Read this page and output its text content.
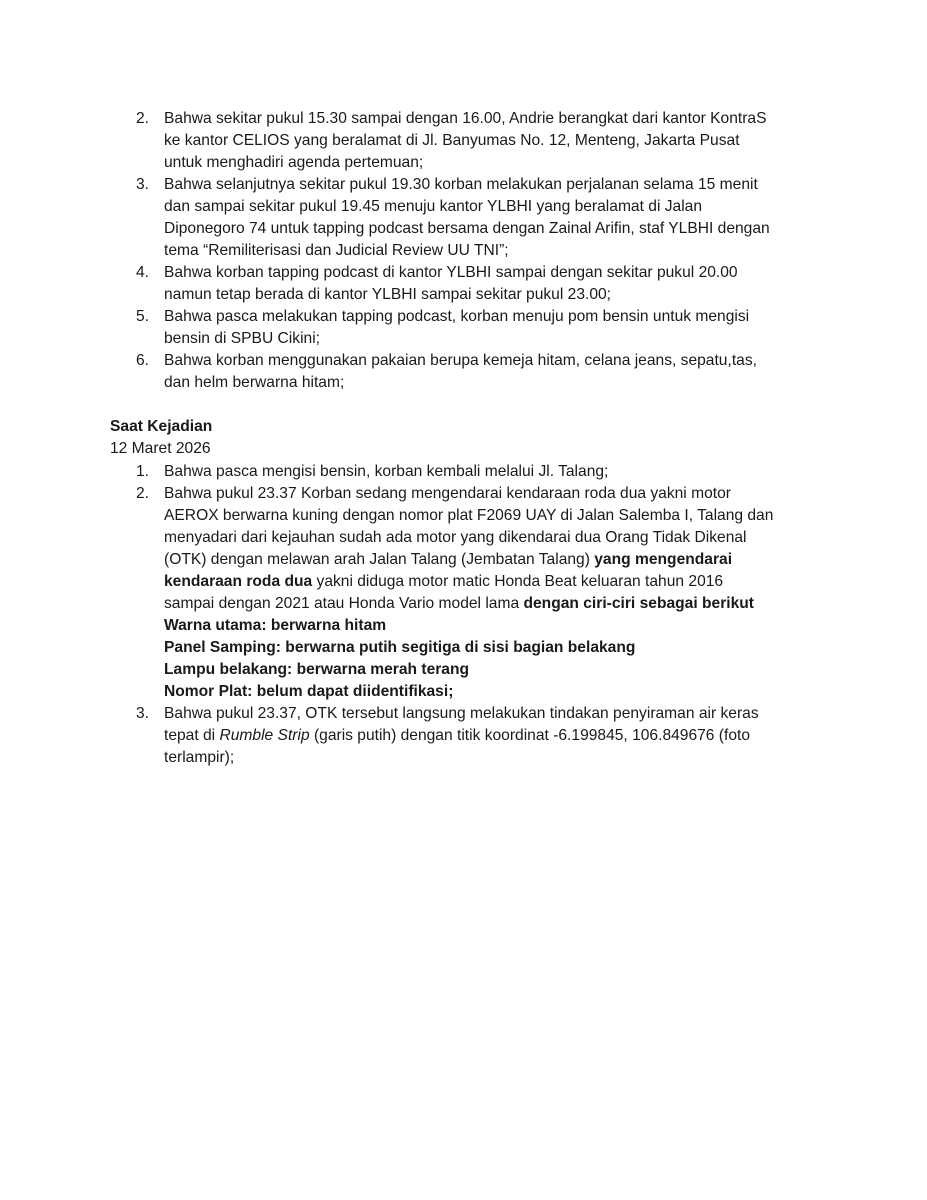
2. Bahwa sekitar pukul 15.30 sampai dengan 16.00, Andrie berangkat dari kantor KontraS
ke kantor CELIOS yang beralamat di Jl. Banyumas No. 12, Menteng, Jakarta Pusat
untuk menghadiri agenda pertemuan;
3. Bahwa selanjutnya sekitar pukul 19.30 korban melakukan perjalanan selama 15 menit
dan sampai sekitar pukul 19.45 menuju kantor YLBHI yang beralamat di Jalan
Diponegoro 74 untuk tapping podcast bersama dengan Zainal Arifin, staf YLBHI dengan
tema “Remiliterisasi dan Judicial Review UU TNI”;
4. Bahwa korban tapping podcast di kantor YLBHI sampai dengan sekitar pukul 20.00
namun tetap berada di kantor YLBHI sampai sekitar pukul 23.00;
5. Bahwa pasca melakukan tapping podcast, korban menuju pom bensin untuk mengisi
bensin di SPBU Cikini;
6. Bahwa korban menggunakan pakaian berupa kemeja hitam, celana jeans, sepatu,tas,
dan helm berwarna hitam;
Saat Kejadian
12 Maret 2026
1. Bahwa pasca mengisi bensin, korban kembali melalui Jl. Talang;
2. Bahwa pukul 23.37 Korban sedang mengendarai kendaraan roda dua yakni motor
AEROX berwarna kuning dengan nomor plat F2069 UAY di Jalan Salemba I, Talang dan
menyadari dari kejauhan sudah ada motor yang dikendarai dua Orang Tidak Dikenal
(OTK) dengan melawan arah Jalan Talang (Jembatan Talang) yang mengendarai
kendaraan roda dua yakni diduga motor matic Honda Beat keluaran tahun 2016
sampai dengan 2021 atau Honda Vario model lama dengan ciri-ciri sebagai berikut
Warna utama: berwarna hitam
Panel Samping: berwarna putih segitiga di sisi bagian belakang
Lampu belakang: berwarna merah terang
Nomor Plat: belum dapat diidentifikasi;
3. Bahwa pukul 23.37, OTK tersebut langsung melakukan tindakan penyiraman air keras
tepat di Rumble Strip (garis putih) dengan titik koordinat -6.199845, 106.849676 (foto
terlampir);
